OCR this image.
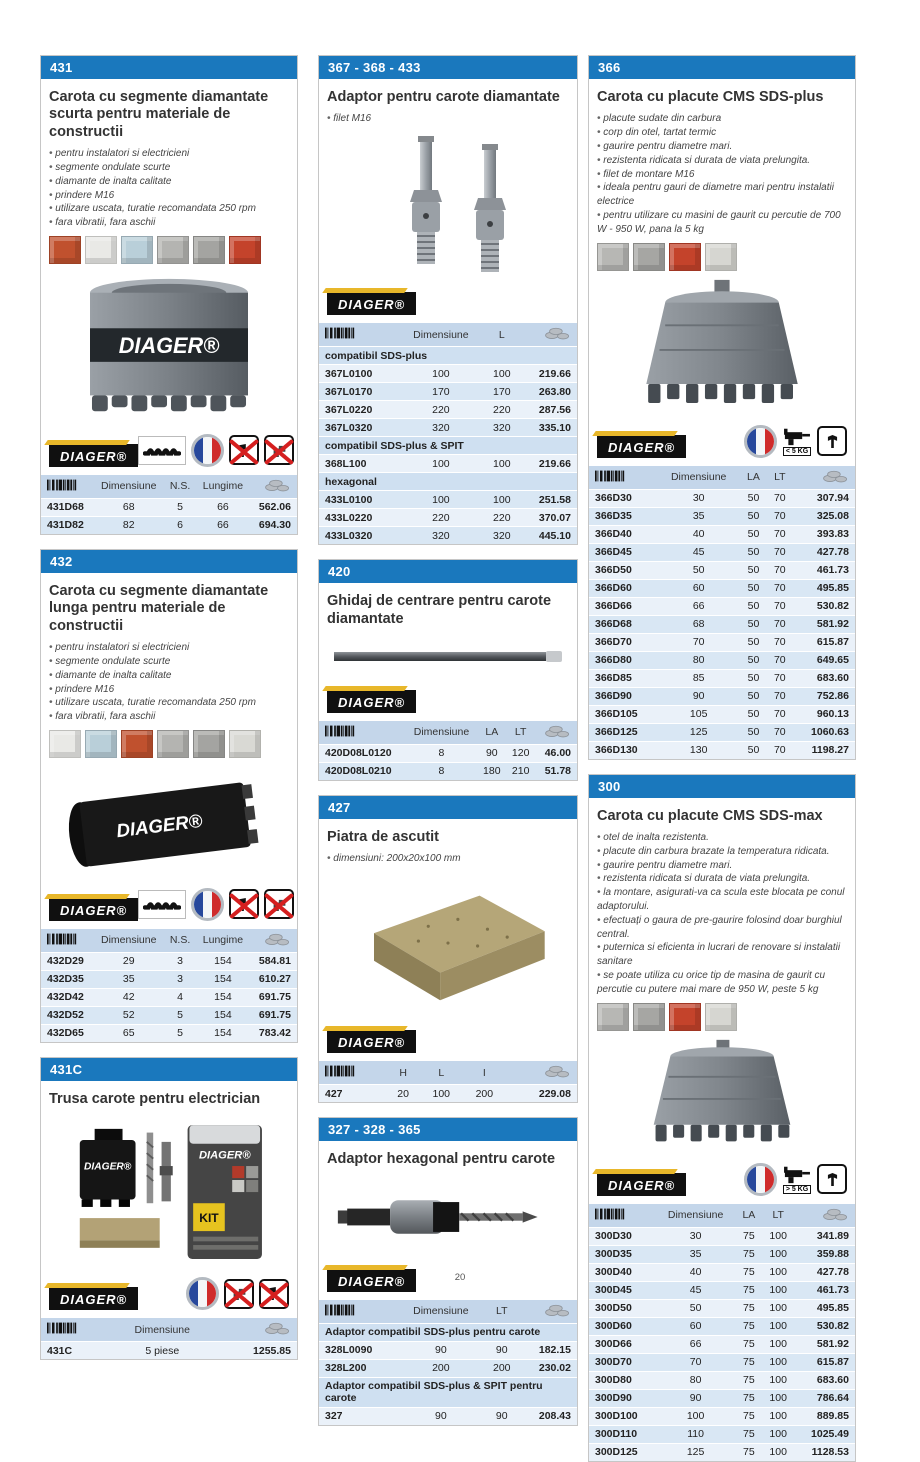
431
Carota cu segmente diamantate scurta pentru materiale de constructii
• pentru instalatori si electricieni
• segmente ondulate scurte
• diamante de inalta calitate
• prindere M16
• utilizare uscata, turatie recomandata 250 rpm
• fara vibratii, fara aschii
DIAGER®
DIAGER®
	Dimensiune	N.S.	Lungime	
431D68	68	5	66	562.06
431D82	82	6	66	694.30
432
Carota cu segmente diamantate lunga pentru materiale de constructii
• pentru instalatori si electricieni
• segmente ondulate scurte
• diamante de inalta calitate
• prindere M16
• utilizare uscata, turatie recomandata 250 rpm
• fara vibratii, fara aschii
DIAGER®
DIAGER®
	Dimensiune	N.S.	Lungime	
432D29	29	3	154	584.81
432D35	35	3	154	610.27
432D42	42	4	154	691.75
432D52	52	5	154	691.75
432D65	65	5	154	783.42
431C
Trusa carote pentru electrician
DIAGER®
DIAGER®
KIT
DIAGER®
	Dimensiune	
431C	5 piese	1255.85
367 - 368 - 433
Adaptor pentru carote diamantate
• filet M16
DIAGER®
	Dimensiune	L	
compatibil SDS-plus			
367L0100	100	100	219.66
367L0170	170	170	263.80
367L0220	220	220	287.56
367L0320	320	320	335.10
compatibil SDS-plus & SPIT			
368L100	100	100	219.66
hexagonal			
433L0100	100	100	251.58
433L0220	220	220	370.07
433L0320	320	320	445.10
420
Ghidaj de centrare pentru carote diamantate
DIAGER®
	Dimensiune	LA	LT	
420D08L0120	8	90	120	46.00
420D08L0210	8	180	210	51.78
427
Piatra de ascutit
• dimensiuni: 200x20x100 mm
DIAGER®
	H	L	I	
427	20	100	200	229.08
327 - 328 - 365
Adaptor hexagonal pentru carote
DIAGER®
	Dimensiune	LT	
Adaptor compatibil SDS-plus pentru carote			
328L0090	90	90	182.15
328L200	200	200	230.02
Adaptor compatibil SDS-plus & SPIT pentru carote			
327	90	90	208.43
366
Carota cu placute CMS SDS-plus
• placute sudate din carbura
• corp din otel, tartat termic
• gaurire pentru diametre mari.
• rezistenta ridicata si durata de viata prelungita.
• filet de montare M16
• ideala pentru gauri de diametre mari pentru instalatii electrice
• pentru utilizare cu masini de gaurit cu percutie de 700 W - 950 W, pana la 5 kg
DIAGER®	< 5 KG
	Dimensiune	LA	LT	
366D30	30	50	70	307.94
366D35	35	50	70	325.08
366D40	40	50	70	393.83
366D45	45	50	70	427.78
366D50	50	50	70	461.73
366D60	60	50	70	495.85
366D66	66	50	70	530.82
366D68	68	50	70	581.92
366D70	70	50	70	615.87
366D80	80	50	70	649.65
366D85	85	50	70	683.60
366D90	90	50	70	752.86
366D105	105	50	70	960.13
366D125	125	50	70	1060.63
366D130	130	50	70	1198.27
300
Carota cu placute CMS SDS-max
• otel de inalta rezistenta.
• placute din carbura brazate la temperatura ridicata.
• gaurire pentru diametre mari.
• rezistenta ridicata si durata de viata prelungita.
• la montare, asigurati-va ca scula este blocata pe conul adaptorului.
• efectuați o gaura de pre-gaurire folosind doar burghiul central.
• puternica si eficienta in lucrari de renovare si instalatii sanitare
• se poate utiliza cu orice tip de masina de gaurit cu percutie cu putere mai mare de 950 W, peste 5 kg
DIAGER®	> 5 KG
	Dimensiune	LA	LT	
300D30	30	75	100	341.89
300D35	35	75	100	359.88
300D40	40	75	100	427.78
300D45	45	75	100	461.73
300D50	50	75	100	495.85
300D60	60	75	100	530.82
300D66	66	75	100	581.92
300D70	70	75	100	615.87
300D80	80	75	100	683.60
300D90	90	75	100	786.64
300D100	100	75	100	889.85
300D110	110	75	100	1025.49
300D125	125	75	100	1128.53
20
